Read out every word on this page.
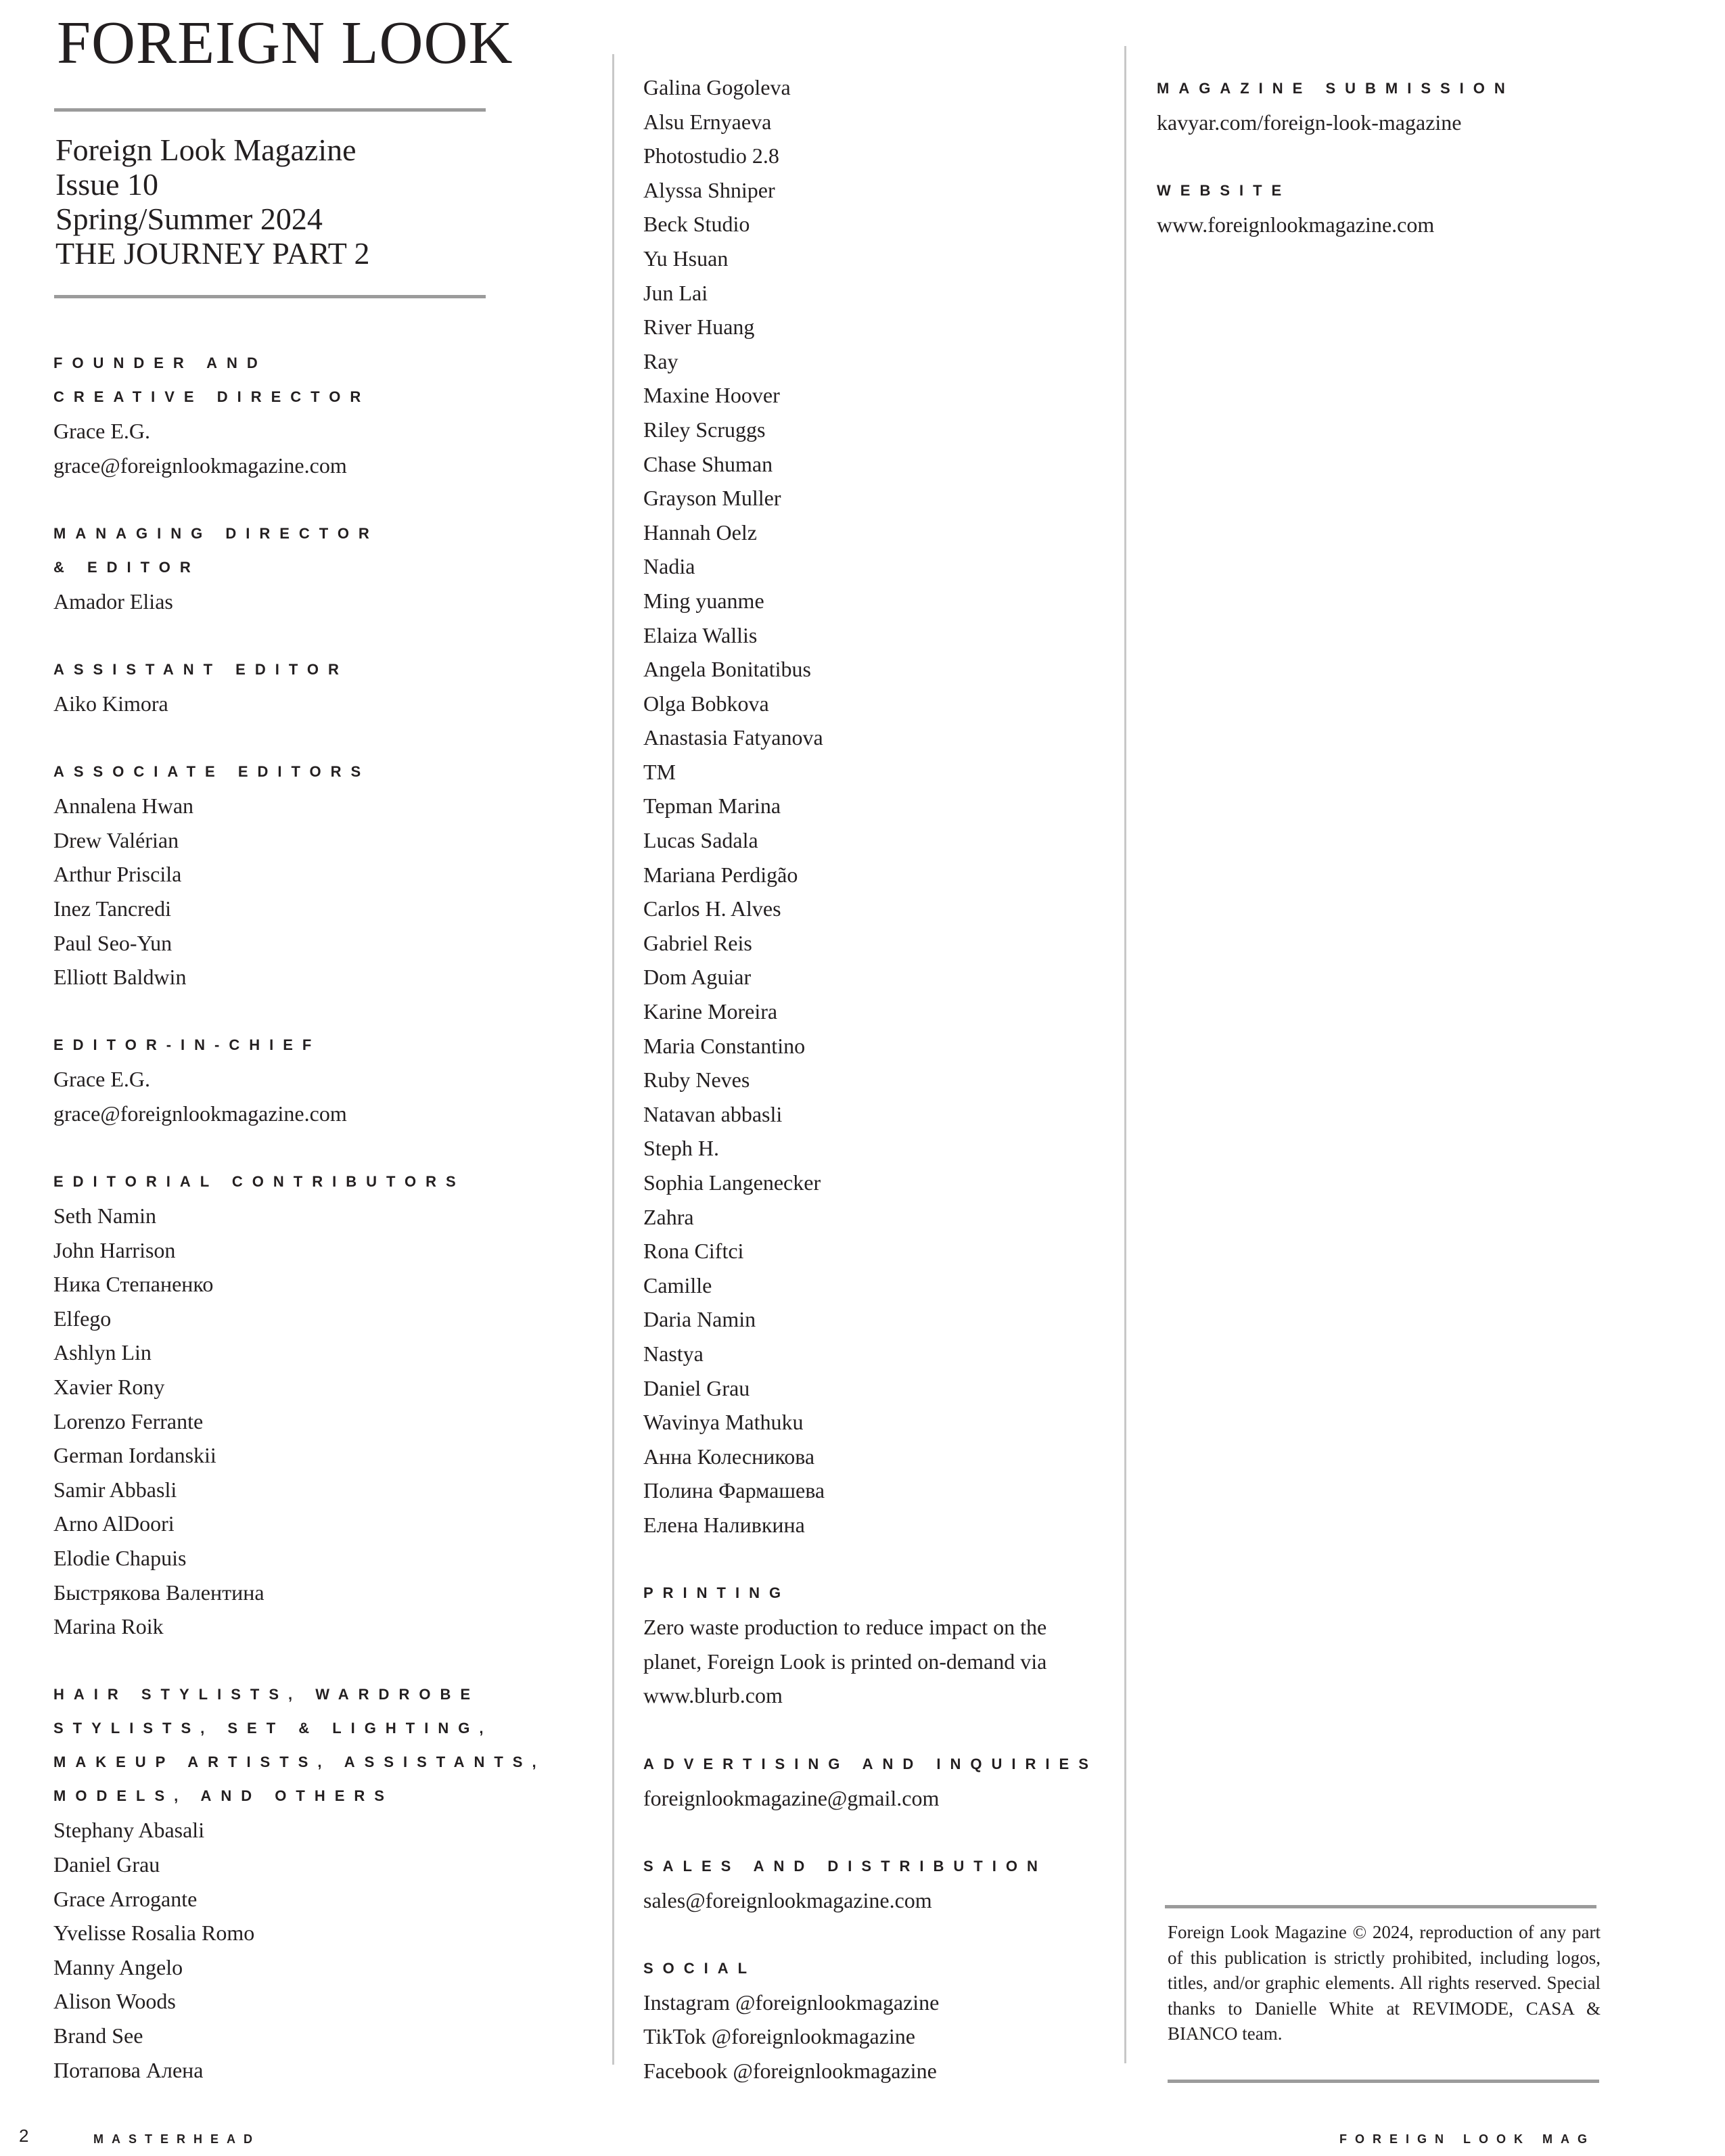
FOREIGN LOOK
Foreign Look Magazine
Issue 10
Spring/Summer 2024
THE JOURNEY PART 2
FOUNDER AND
CREATIVE DIRECTOR
Grace E.G.
grace@foreignlookmagazine.com
MANAGING DIRECTOR
& EDITOR
Amador Elias
ASSISTANT EDITOR
Aiko Kimora
ASSOCIATE EDITORS
Annalena Hwan
Drew Valérian
Arthur Priscila
Inez Tancredi
Paul Seo-Yun
Elliott Baldwin
EDITOR-IN-CHIEF
Grace E.G.
grace@foreignlookmagazine.com
EDITORIAL CONTRIBUTORS
Seth Namin
John Harrison
Ника Степаненко
Elfego
Ashlyn Lin
Xavier Rony
Lorenzo Ferrante
German Iordanskii
Samir Abbasli
Arno AlDoori
Elodie Chapuis
Быстрякова Валентина
Marina Roik
HAIR STYLISTS, WARDROBE
STYLISTS, SET & LIGHTING,
MAKEUP ARTISTS, ASSISTANTS,
MODELS, AND OTHERS
Stephany Abasali
Daniel Grau
Grace Arrogante
Yvelisse Rosalia Romo
Manny Angelo
Alison Woods
Brand See
Потапова Алена
Galina Gogoleva
Alsu Ernyaeva
Photostudio 2.8
Alyssa Shniper
Beck Studio
Yu Hsuan
Jun Lai
River Huang
Ray
Maxine Hoover
Riley Scruggs
Chase Shuman
Grayson Muller
Hannah Oelz
Nadia
Ming yuanme
Elaiza Wallis
Angela Bonitatibus
Olga Bobkova
Anastasia Fatyanova
TM
Tepman Marina
Lucas Sadala
Mariana Perdigão
Carlos H. Alves
Gabriel Reis
Dom Aguiar
Karine Moreira
Maria Constantino
Ruby Neves
Natavan abbasli
Steph H.
Sophia Langenecker
Zahra
Rona Ciftci
Camille
Daria Namin
Nastya
Daniel Grau
Wavinya Mathuku
Анна Колесникова
Полина Фармашева
Елена Наливкина
PRINTING
Zero waste production to reduce impact on the
planet, Foreign Look is printed on-demand via
www.blurb.com
ADVERTISING AND INQUIRIES
foreignlookmagazine@gmail.com
SALES AND DISTRIBUTION
sales@foreignlookmagazine.com
SOCIAL
Instagram @foreignlookmagazine
TikTok @foreignlookmagazine
Facebook @foreignlookmagazine
MAGAZINE SUBMISSION
kavyar.com/foreign-look-magazine
WEBSITE
www.foreignlookmagazine.com
Foreign Look Magazine © 2024, reproduction of any part of this publication is strictly prohibited, including logos, titles, and/or graphic elements. All rights reserved. Special thanks to Danielle White at REVIMODE, CASA & BIANCO team.
2	MASTERHEAD	FOREIGN LOOK MAG
